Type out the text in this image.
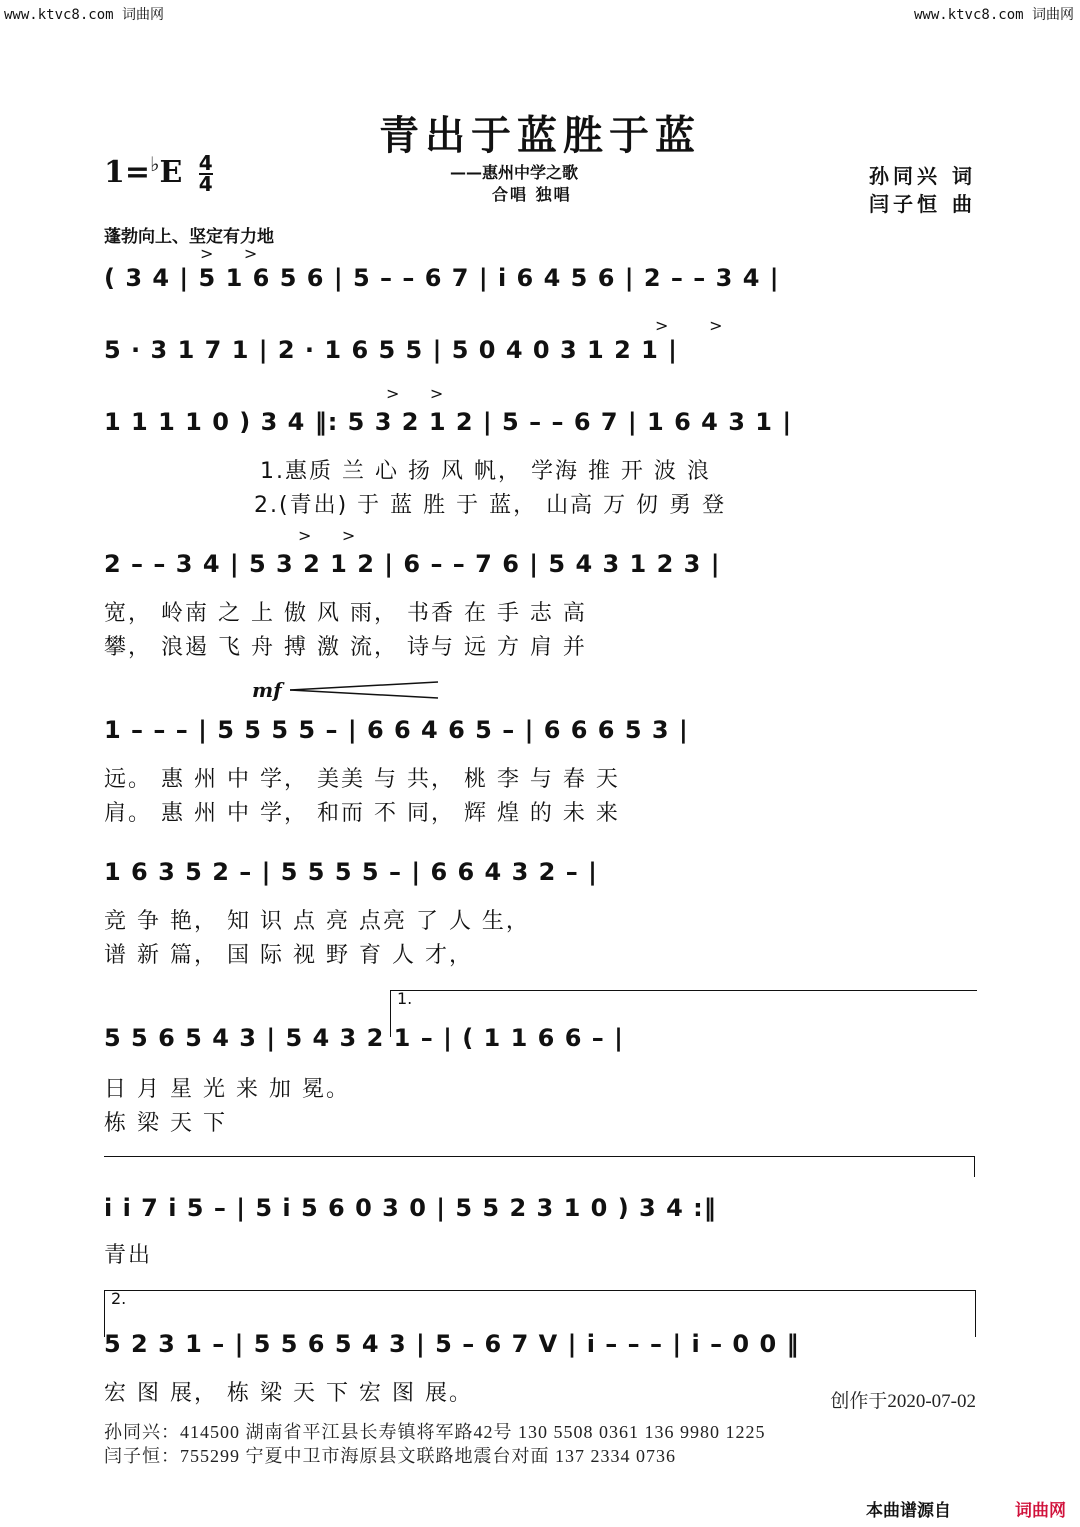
www.ktvc8.com 词曲网	www.ktvc8.com 词曲网
青出于蓝胜于蓝
$1=^♭E \frac{4}{4}$	——惠州中学之歌
合唱 独唱
孙同兴 词
闫子恒 曲
蓬勃向上、坚定有力地
> >
( 3 4 | 5 1 6 5 6 | 5 – – 6 7 | i 6 4 5 6 | 2 – – 3 4 |
>	>
5 · 3 1 7 1 | 2 · 1 6 5 5 | 5 0 4 0 3 1 2 1 |
> >
1 1 1 1 0 ) 3 4 ‖: 5 3 2 1 2 | 5 – – 6 7 | 1 6 4 3 1 |
1.惠质 兰 心 扬 风 帆， 学海 推 开 波 浪
2.(青出) 于 蓝 胜 于 蓝， 山高 万 仞 勇 登
> >
2 – – 3 4 | 5 3 2 1 2 | 6 – – 7 6 | 5 4 3 1 2 3 |
宽， 岭南 之 上 傲 风 雨， 书香 在 手 志 高
攀， 浪遏 飞 舟 搏 激 流， 诗与 远 方 肩 并
mf
1 – – – | 5 5 5 5 – | 6 6 4 6 5 – | 6 6 6 5 3 |
远。 惠 州 中 学， 美美 与 共， 桃 李 与 春 天
肩。 惠 州 中 学， 和而 不 同， 辉 煌 的 未 来
1 6 3 5 2 – | 5 5 5 5 – | 6 6 4 3 2 – |
竞 争 艳， 知 识 点 亮 点亮 了 人 生，
谱 新 篇， 国 际 视 野 育 人 才，
1.
5 5 6 5 4 3 | 5 4 3 2 1 – | ( 1 1 6 6 – |
日 月 星 光 来 加 冕。
栋 梁 天 下
i i 7 i 5 – | 5 i 5 6 0 3 0 | 5 5 2 3 1 0 ) 3 4 :‖
青出
2.
5 2 3 1 – | 5 5 6 5 4 3 | 5 – 6 7 V | i – – – | i – 0 0 ‖
宏 图 展， 栋 梁 天 下 宏 图 展。	创作于2020-07-02
孙同兴：414500 湖南省平江县长寿镇将军路42号 130 5508 0361 136 9980 1225
闫子恒：755299 宁夏中卫市海原县文联路地震台对面 137 2334 0736
本曲谱源自	词曲网
